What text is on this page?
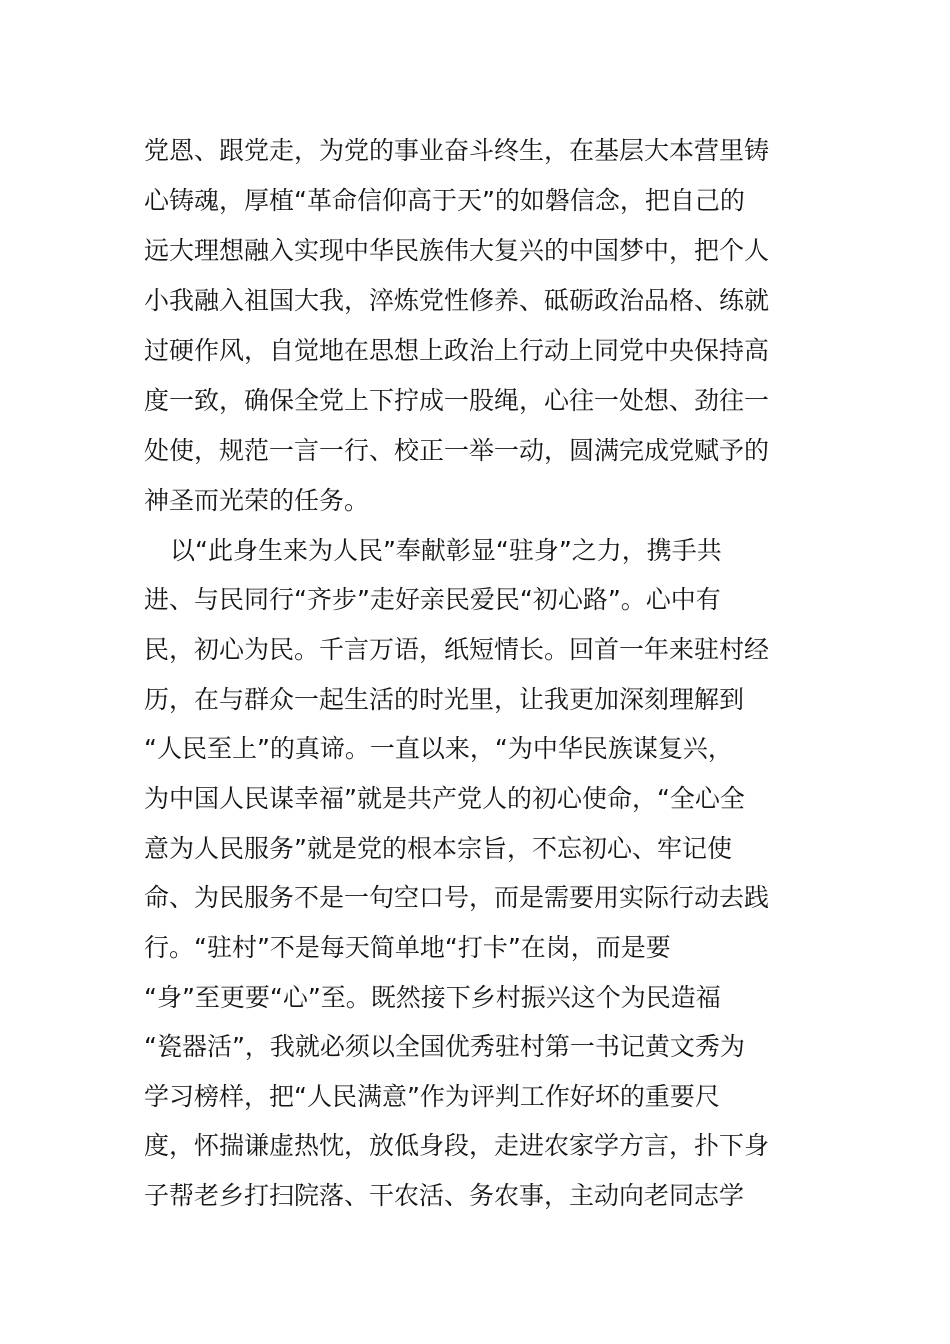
党恩、跟党走，为党的事业奋斗终生，在基层大本营里铸
心铸魂，厚植“革命信仰高于天”的如磐信念，把自己的
远大理想融入实现中华民族伟大复兴的中国梦中，把个人
小我融入祖国大我，淬炼党性修养、砥砺政治品格、练就
过硬作风，自觉地在思想上政治上行动上同党中央保持高
度一致，确保全党上下拧成一股绳，心往一处想、劲往一
处使，规范一言一行、校正一举一动，圆满完成党赋予的
神圣而光荣的任务。
以“此身生来为人民”奉献彰显“驻身”之力，携手共
进、与民同行“齐步”走好亲民爱民“初心路”。心中有
民，初心为民。千言万语，纸短情长。回首一年来驻村经
历，在与群众一起生活的时光里，让我更加深刻理解到
“人民至上”的真谛。一直以来，“为中华民族谋复兴，
为中国人民谋幸福”就是共产党人的初心使命，“全心全
意为人民服务”就是党的根本宗旨，不忘初心、牢记使
命、为民服务不是一句空口号，而是需要用实际行动去践
行。“驻村”不是每天简单地“打卡”在岗，而是要
“身”至更要“心”至。既然接下乡村振兴这个为民造福
“瓷器活”，我就必须以全国优秀驻村第一书记黄文秀为
学习榜样，把“人民满意”作为评判工作好坏的重要尺
度，怀揣谦虚热忱，放低身段，走进农家学方言，扑下身
子帮老乡打扫院落、干农活、务农事，主动向老同志学
